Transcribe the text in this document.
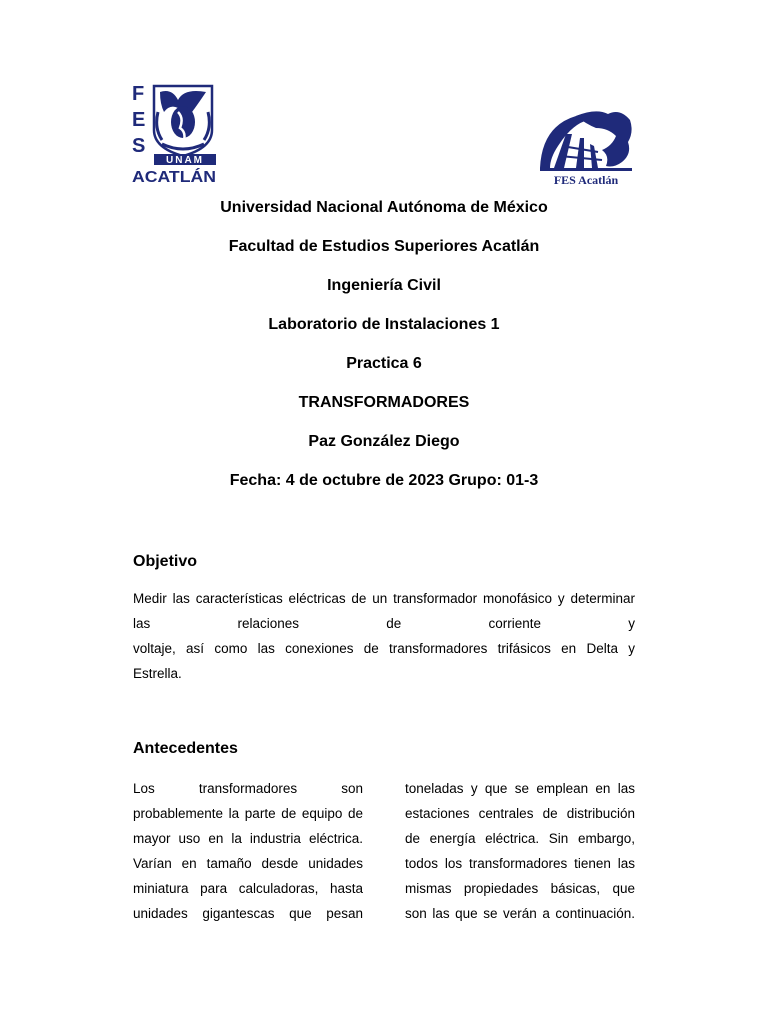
F
E
S
UNAM
ACATLÁN	FES Acatlán
Universidad Nacional Autónoma de México
Facultad de Estudios Superiores Acatlán
Ingeniería Civil
Laboratorio de Instalaciones 1
Practica 6
TRANSFORMADORES
Paz González Diego
Fecha: 4 de octubre de 2023 Grupo: 01-3
Objetivo
Medir las características eléctricas de un transformador monofásico y determinar
las	relaciones	de	corriente	y
voltaje, así como las conexiones de transformadores trifásicos en Delta y
Estrella.
Antecedentes
Los transformadores son
probablemente la parte de equipo de
mayor uso en la industria eléctrica.
Varían en tamaño desde unidades
miniatura para calculadoras, hasta
unidades gigantescas que pesan
toneladas y que se emplean en las
estaciones centrales de distribución
de energía eléctrica. Sin embargo,
todos los transformadores tienen las
mismas propiedades básicas, que
son las que se verán a continuación.
